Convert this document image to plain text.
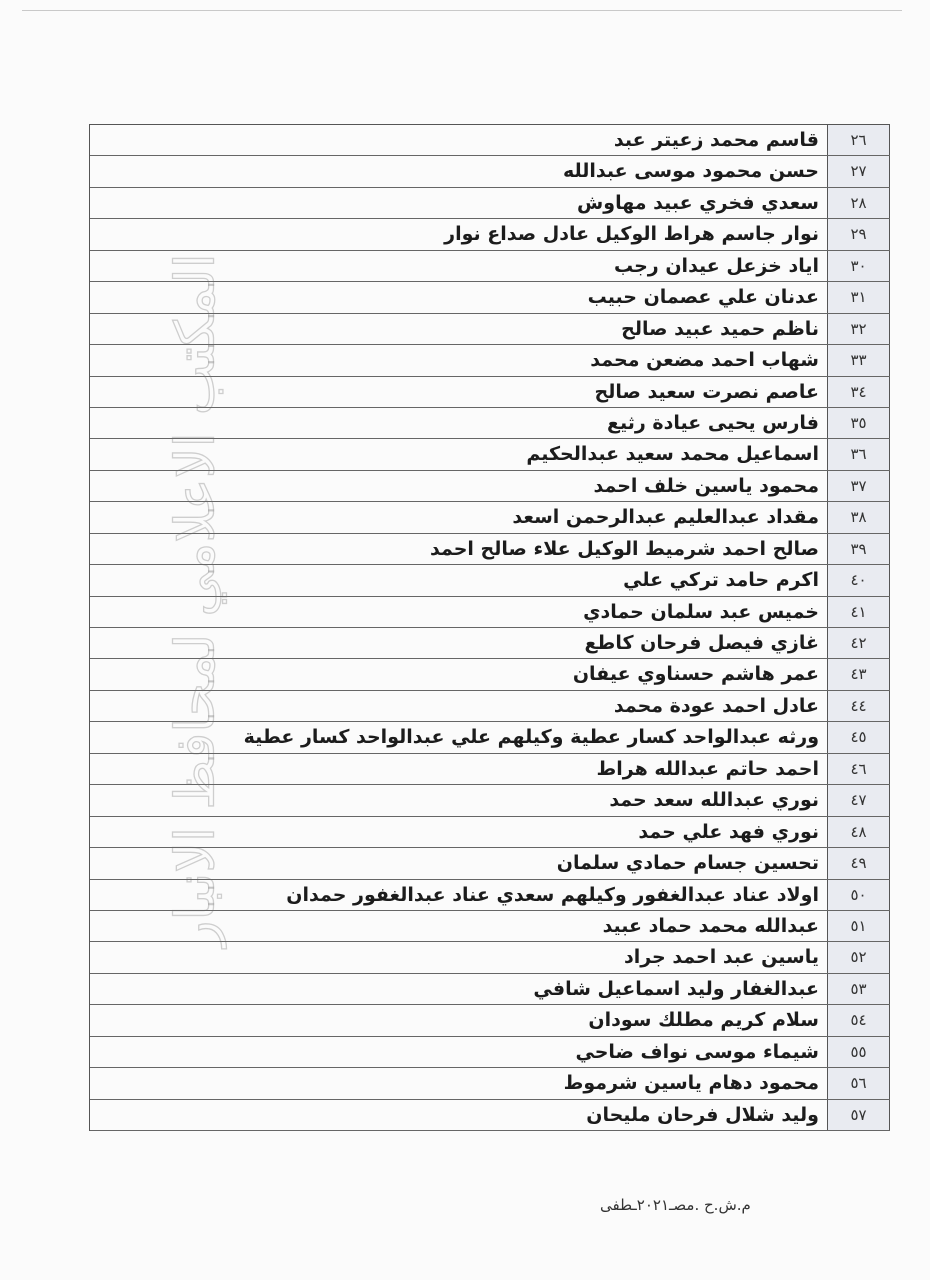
المكتب الاعلامي لمحافظ الانبار
قاسم محمد زعيتر عبد	٢٦
حسن محمود موسى عبدالله	٢٧
سعدي فخري عبيد مهاوش	٢٨
نوار جاسم هراط الوكيل عادل صداع نوار	٢٩
اياد خزعل عيدان رجب	٣٠
عدنان علي عصمان حبيب	٣١
ناظم حميد عبيد صالح	٣٢
شهاب احمد مضعن محمد	٣٣
عاصم نصرت سعيد صالح	٣٤
فارس يحيى عيادة رثيع	٣٥
اسماعيل محمد سعيد عبدالحكيم	٣٦
محمود ياسين خلف احمد	٣٧
مقداد عبدالعليم عبدالرحمن اسعد	٣٨
صالح احمد شرميط الوكيل علاء صالح احمد	٣٩
اكرم حامد تركي علي	٤٠
خميس عبد سلمان حمادي	٤١
غازي فيصل فرحان كاطع	٤٢
عمر هاشم حسناوي عيفان	٤٣
عادل احمد عودة محمد	٤٤
ورثه عبدالواحد كسار عطية وكيلهم علي عبدالواحد كسار عطية	٤٥
احمد حاتم عبدالله هراط	٤٦
نوري عبدالله سعد حمد	٤٧
نوري فهد علي حمد	٤٨
تحسين جسام حمادي سلمان	٤٩
اولاد عناد عبدالغفور وكيلهم سعدي عناد عبدالغفور حمدان	٥٠
عبدالله محمد حماد عبيد	٥١
ياسين عبد احمد جراد	٥٢
عبدالغفار وليد اسماعيل شافي	٥٣
سلام كريم مطلك سودان	٥٤
شيماء موسى نواف ضاحي	٥٥
محمود دهام ياسين شرموط	٥٦
وليد شلال فرحان مليحان	٥٧
م.ش.ح .مصـ٢٠٢١ـطفى
